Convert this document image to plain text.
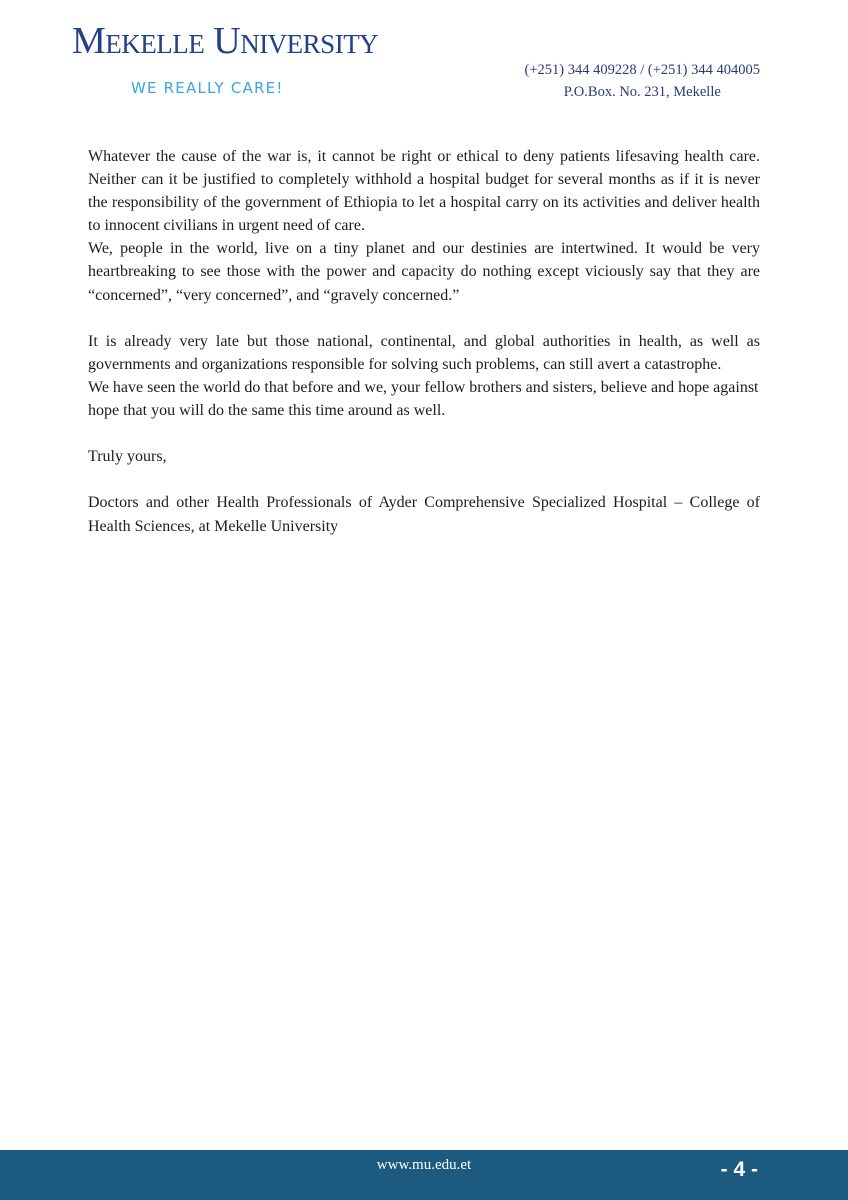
Mekelle University
WE REALLY CARE!
(+251) 344 409228 / (+251) 344 404005
P.O.Box. No. 231, Mekelle

Whatever the cause of the war is, it cannot be right or ethical to deny patients lifesaving health care. Neither can it be justified to completely withhold a hospital budget for several months as if it is never the responsibility of the government of Ethiopia to let a hospital carry on its activities and deliver health to innocent civilians in urgent need of care.

We, people in the world, live on a tiny planet and our destinies are intertwined. It would be very heartbreaking to see those with the power and capacity do nothing except viciously say that they are “concerned”, “very concerned”, and “gravely concerned.”

It is already very late but those national, continental, and global authorities in health, as well as governments and organizations responsible for solving such problems, can still avert a catastrophe.

We have seen the world do that before and we, your fellow brothers and sisters, believe and hope against hope that you will do the same this time around as well.

Truly yours,

Doctors and other Health Professionals of Ayder Comprehensive Specialized Hospital – College of Health Sciences, at Mekelle University

www.mu.edu.et	- 4 -
